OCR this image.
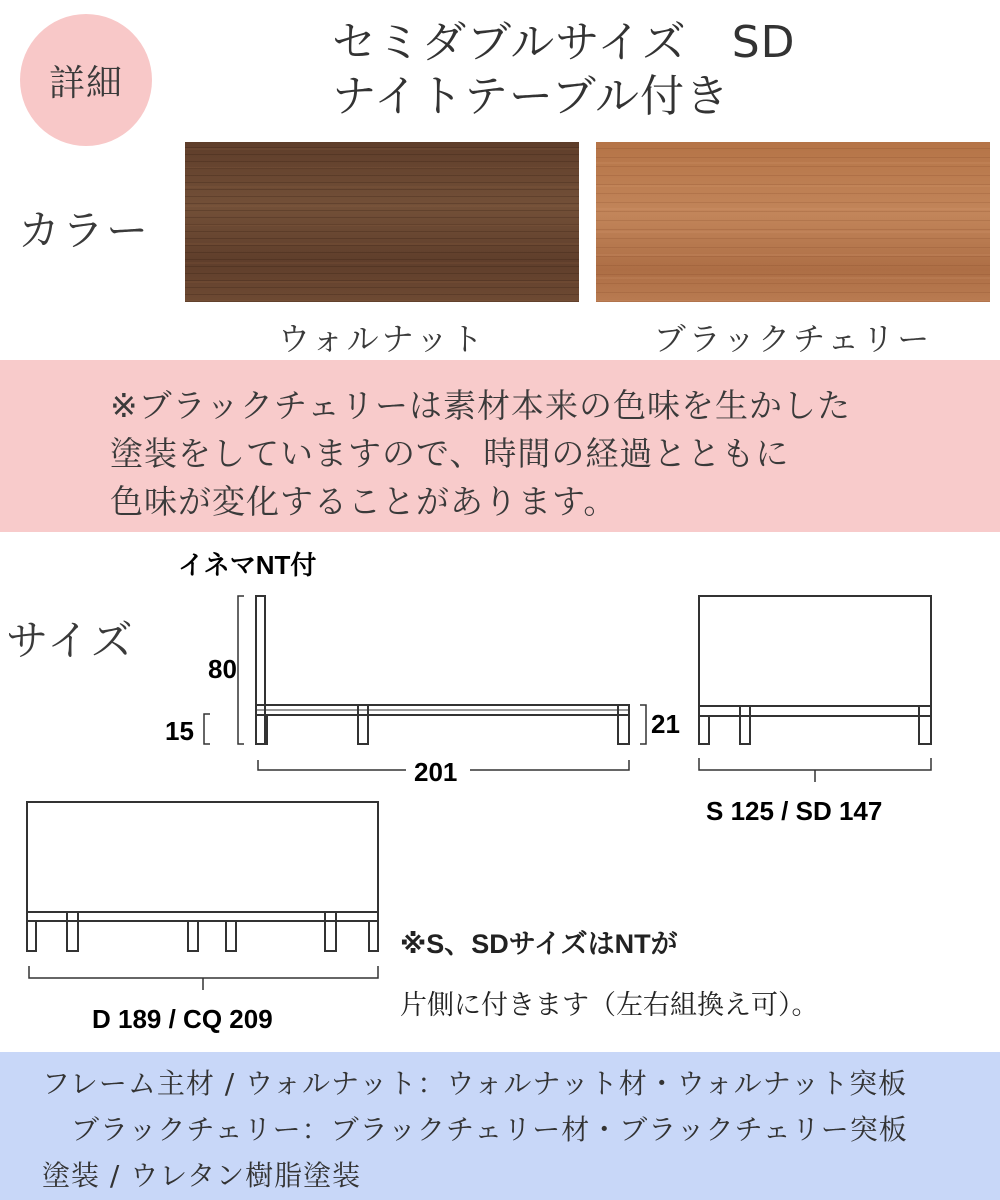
詳細
セミダブルサイズ　SD
ナイトテーブル付き
カラー
ウォルナット	ブラックチェリー
※ブラックチェリーは素材本来の色味を生かした
塗装をしていますので、時間の経過とともに
色味が変化することがあります。
サイズ
イネマNT付
80
15	21
201
S 125 / SD 147
D 189 / CQ 209
※S、SDサイズはNTが
片側に付きます（左右組換え可）。
フレーム主材 / ウォルナット：ウォルナット材・ウォルナット突板
　ブラックチェリー：ブラックチェリー材・ブラックチェリー突板
塗装 / ウレタン樹脂塗装
